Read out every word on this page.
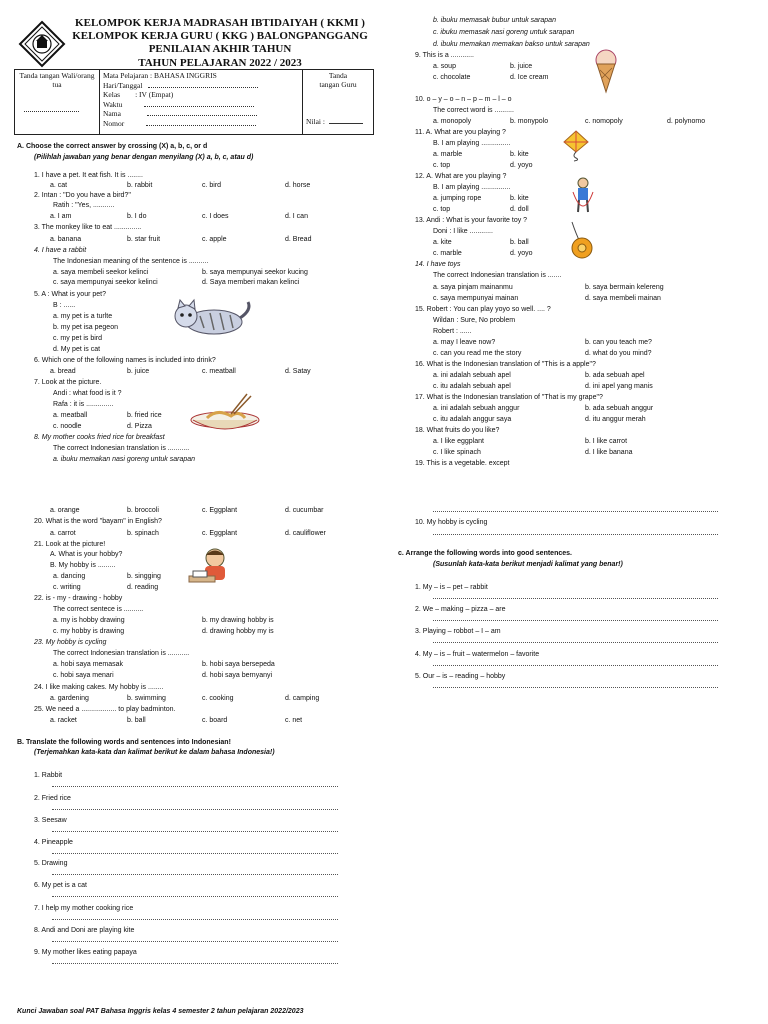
KELOMPOK KERJA MADRASAH IBTIDAIYAH ( KKMI )
KELOMPOK KERJA GURU ( KKG ) BALONGPANGGANG
PENILAIAN AKHIR TAHUN
TAHUN PELAJARAN 2022 / 2023
Tanda tangan Wali/orang tua

Mata Pelajaran : BAHASA INGGRIS
Hari/Tanggal
Kelas : IV (Empat)
Waktu
Nama
Nomor

Tanda tangan Guru
Nilai :
A. Choose the correct answer by crossing (X) a, b, c, or d
(Pilihlah jawaban yang benar dengan menyilang (X) a, b, c, atau d)
1. I have a pet. It eat fish. It is ........
a. cat	b. rabbit	c. bird	d. horse
2. Intan : "Do you have a bird?"
Ratih : "Yes, ...........
a. I am	b. I do	c. I does	d. I can
3. The monkey like to eat ..............
a. banana	b. star fruit	c. apple	d. Bread
4. I have a rabbit
The Indonesian meaning of the sentence is ..........
a. saya membeli seekor kelinci	b. saya mempunyai seekor kucing
c. saya mempunyai seekor kelinci	d. Saya memberi makan kelinci
5. A : What is your pet?
B : ......
a. my pet is a turlte
b. my pet isa pegeon
c. my pet is bird
d. My pet is cat
6. Which one of the following names is included into drink?
a. bread	b. juice	c. meatball	d. Satay
7. Look at the picture.
Andi : what food is it ?
Rafa : it is ..............
a. meatball	b. fried rice
c. noodle	d. Pizza
8. My mother cooks fried rice for breakfast
The correct Indonesian translation is ...........
a. ibuku memakan nasi goreng untuk sarapan
a. orange	b. broccoli	c. Eggplant	d. cucumbar
20. What is the word "bayam" in English?
a. carrot	b. spinach	c. Eggplant	d. cauliflower
21. Look at the picture!
A. What is your hobby?
B. My hobby is .........
a. dancing	b. singging
c. writing	d. reading
22. is - my - drawing - hobby
The correct sentece is ..........
a. my is hobby drawing	b. my drawing hobby is
c. my hobby is drawing	d. drawing hobby my is
23. My hobby is cycling
The correct Indonesian translation is ...........
a. hobi saya memasak	b. hobi saya bersepeda
c. hobi saya menari	d. hobi saya bernyanyi
24. I like making cakes. My hobby is ........
a. gardening	b. swimming	c. cooking	d. camping
25. We need a .................. to play badminton.
a. racket	b. ball	c. board	c. net
b. ibuku memasak bubur untuk sarapan
c. ibuku memasak nasi goreng untuk sarapan
d. ibuku memakan memakan bakso untuk sarapan
9. This is a ............
a. soup	b. juice
c. chocolate	d. Ice cream
10. o – y – o – n – p – m – l – o
The correct word is ..........
a. monopoly	b. monypolo	c. nomopoly	d. polynomo
11. A. What are you playing ?
B. I am playing ...............
a. marble	b. kite
c. top	d. yoyo
12. A. What are you playing ?
B. I am playing ...............
a. jumping rope	b. kite
c. top	d. doll
13. Andi : What is your favorite toy ?
Doni : I like ............
a. kite	b. ball
c. marble	d. yoyo
14. I have toys
The correct Indonesian translation is .......
a. saya pinjam mainanmu	b. saya bermain kelereng
c. saya mempunyai mainan	d. saya membeli mainan
15. Robert : You can play yoyo so well. .... ?
Wildan : Sure, No problem
Robert : ......
a. may I leave now?	b. can you teach me?
c. can you read me the story	d. what do you mind?
16. What is the Indonesian translation of "This is a apple"?
a. ini adalah sebuah apel	b. ada sebuah apel
c. itu adalah sebuah apel	d. ini apel yang manis
17. What is the Indonesian translation of "That is my grape"?
a. ini adalah sebuah anggur	b. ada sebuah anggur
c. itu adalah anggur saya	d. itu anggur merah
18. What fruits do you like?
a. I like eggplant	b. I like carrot
c. I like spinach	d. I like banana
19. This is a vegetable. except
10. My hobby is cycling
B. Translate the following words and sentences into Indonesian!
(Terjemahkan kata-kata dan kalimat berikut ke dalam bahasa Indonesia!)
1. Rabbit
2. Fried rice
3. Seesaw
4. Pineapple
5. Drawing
6. My pet is a cat
7. I help my mother cooking rice
8. Andi and Doni are playing kite
9. My mother likes eating papaya
c. Arrange the following words into good sentences.
(Susunlah kata-kata berikut menjadi kalimat yang benar!)
1. My – is – pet – rabbit
2. We – making – pizza – are
3. Playing – robbot – I – am
4. My – is – fruit – watermelon – favorite
5. Our – is – reading – hobby
Kunci Jawaban soal PAT Bahasa Inggris kelas 4 semester 2 tahun pelajaran 2022/2023
